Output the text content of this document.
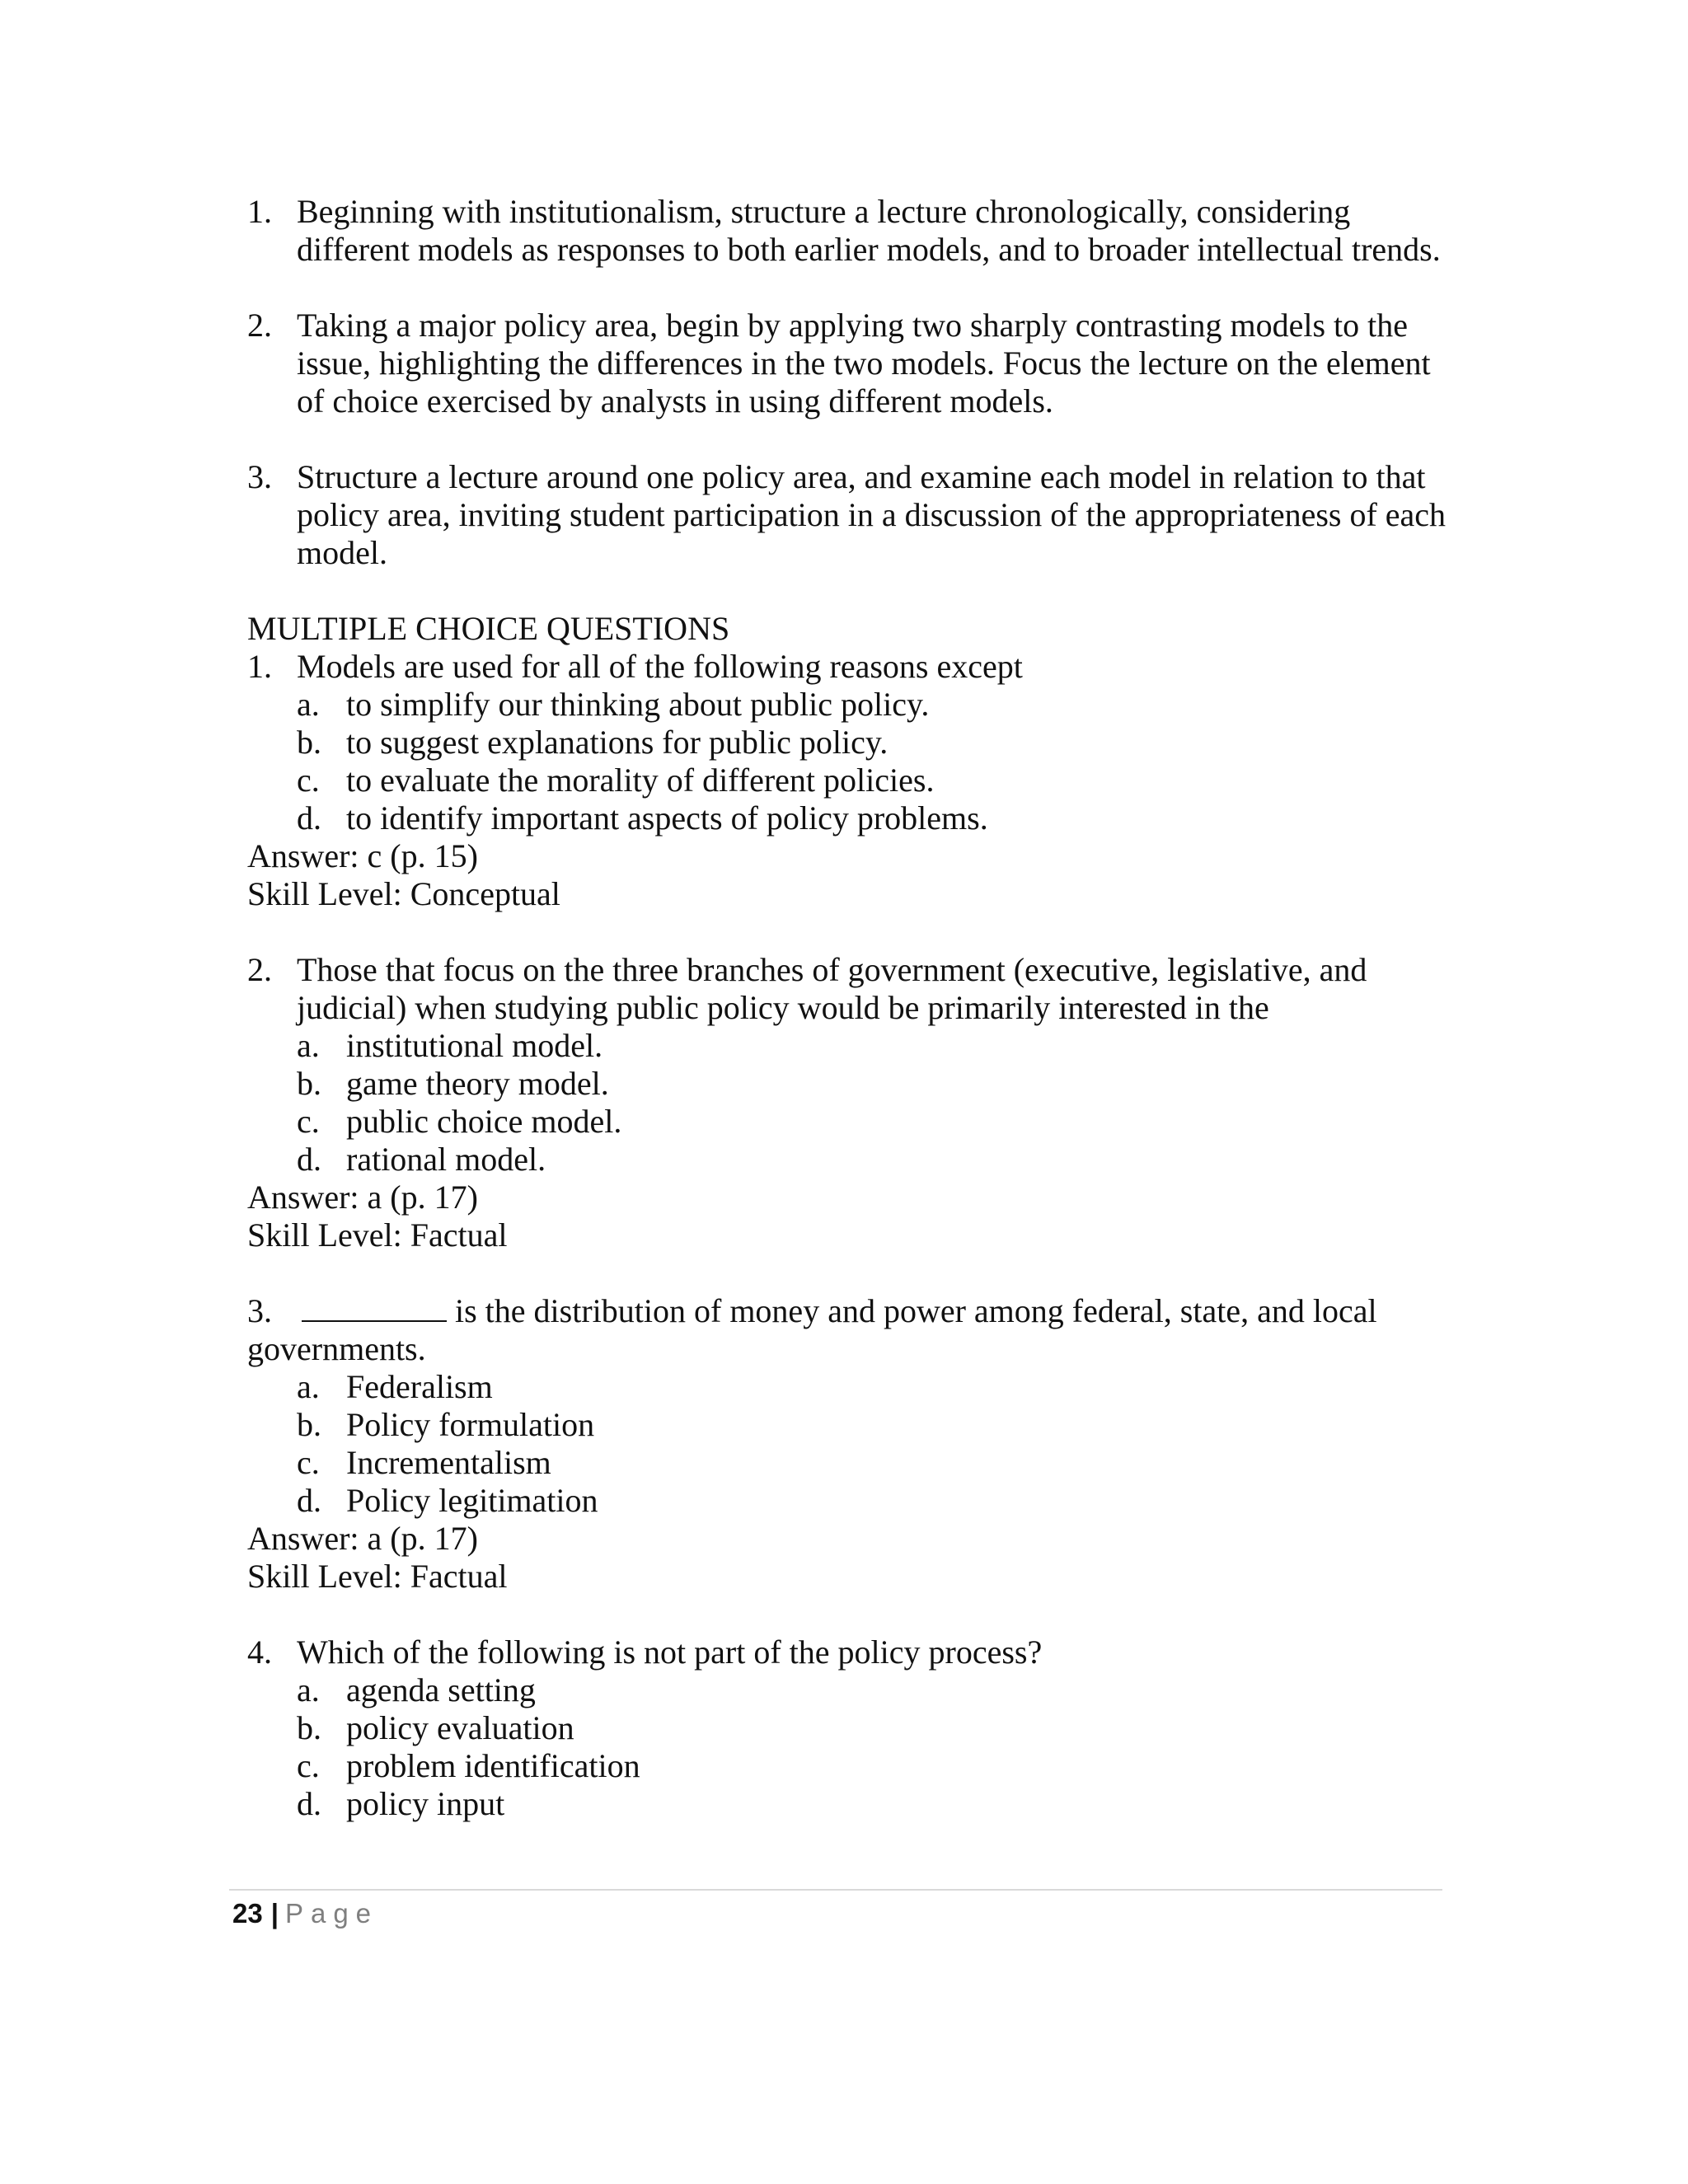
1. Beginning with institutionalism, structure a lecture chronologically, considering different models as responses to both earlier models, and to broader intellectual trends.
2. Taking a major policy area, begin by applying two sharply contrasting models to the issue, highlighting the differences in the two models. Focus the lecture on the element of choice exercised by analysts in using different models.
3. Structure a lecture around one policy area, and examine each model in relation to that policy area, inviting student participation in a discussion of the appropriateness of each model.
MULTIPLE CHOICE QUESTIONS
1. Models are used for all of the following reasons except
a. to simplify our thinking about public policy.
b. to suggest explanations for public policy.
c. to evaluate the morality of different policies.
d. to identify important aspects of policy problems.
Answer: c (p. 15)
Skill Level: Conceptual
2. Those that focus on the three branches of government (executive, legislative, and judicial) when studying public policy would be primarily interested in the
a. institutional model.
b. game theory model.
c. public choice model.
d. rational model.
Answer: a (p. 17)
Skill Level: Factual
3.	is the distribution of money and power among federal, state, and local
governments.
a. Federalism
b. Policy formulation
c. Incrementalism
d. Policy legitimation
Answer: a (p. 17)
Skill Level: Factual
4. Which of the following is not part of the policy process?
a. agenda setting
b. policy evaluation
c. problem identification
d. policy input
23 | Page
